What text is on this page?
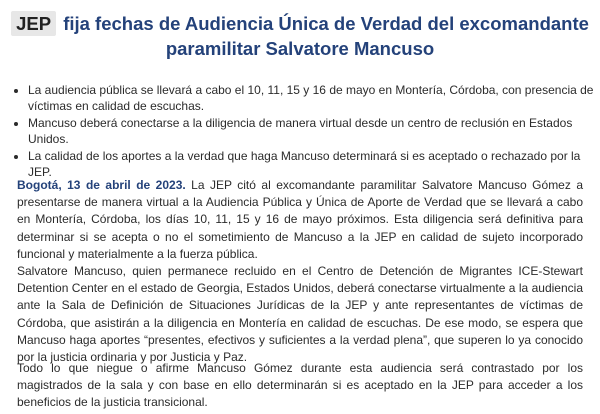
JEP fija fechas de Audiencia Única de Verdad del excomandante
paramilitar Salvatore Mancuso
• La audiencia pública se llevará a cabo el 10, 11, 15 y 16 de mayo en Montería, Córdoba, con presencia de víctimas en calidad de escuchas.
• Mancuso deberá conectarse a la diligencia de manera virtual desde un centro de reclusión en Estados Unidos.
• La calidad de los aportes a la verdad que haga Mancuso determinará si es aceptado o rechazado por la JEP.

Bogotá, 13 de abril de 2023. La JEP citó al excomandante paramilitar Salvatore Mancuso Gómez a presentarse de manera virtual a la Audiencia Pública y Única de Aporte de Verdad que se llevará a cabo en Montería, Córdoba, los días 10, 11, 15 y 16 de mayo próximos. Esta diligencia será definitiva para determinar si se acepta o no el sometimiento de Mancuso a la JEP en calidad de sujeto incorporado funcional y materialmente a la fuerza pública.

Salvatore Mancuso, quien permanece recluido en el Centro de Detención de Migrantes ICE-Stewart Detention Center en el estado de Georgia, Estados Unidos, deberá conectarse virtualmente a la audiencia ante la Sala de Definición de Situaciones Jurídicas de la JEP y ante representantes de víctimas de Córdoba, que asistirán a la diligencia en Montería en calidad de escuchas. De ese modo, se espera que Mancuso haga aportes “presentes, efectivos y suficientes a la verdad plena”, que superen lo ya conocido por la justicia ordinaria y por Justicia y Paz.

Todo lo que niegue o afirme Mancuso Gómez durante esta audiencia será contrastado por los magistrados de la sala y con base en ello determinarán si es aceptado en la JEP para acceder a los beneficios de la justicia transicional.
